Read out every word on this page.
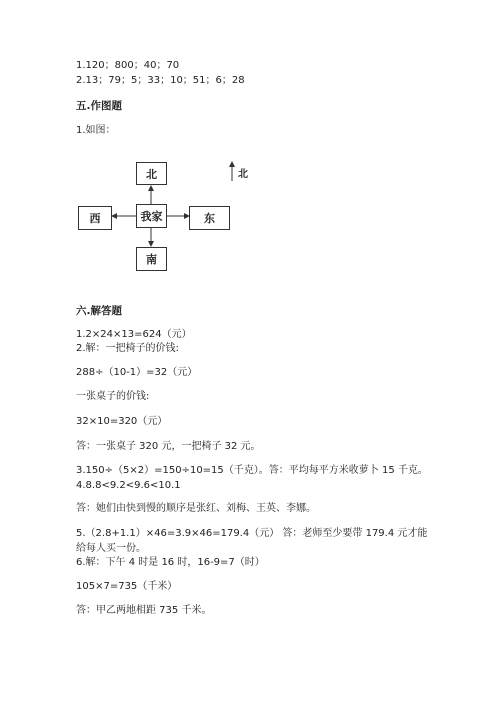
1.120；800；40；70
2.13；79；5；33；10；51；6；28
五.作图题
1.如图：
北
我家
西	东
南
北
六.解答题
1.2×24×13=624（元）
2.解：一把椅子的价钱:
288÷（10-1）=32（元）
一张桌子的价钱:
32×10=320（元）
答：一张桌子 320 元，一把椅子 32 元。
3.150÷（5×2）=150÷10=15（千克）。答：平均每平方米收萝卜 15 千克。
4.8.8<9.2<9.6<10.1
答：她们由快到慢的顺序是张红、刘梅、王英、李娜。
5.（2.8+1.1）×46=3.9×46=179.4（元） 答：老师至少要带 179.4 元才能
给每人买一份。
6.解：下午 4 时是 16 时，16-9=7（时）
105×7=735（千米）
答：甲乙两地相距 735 千米。
